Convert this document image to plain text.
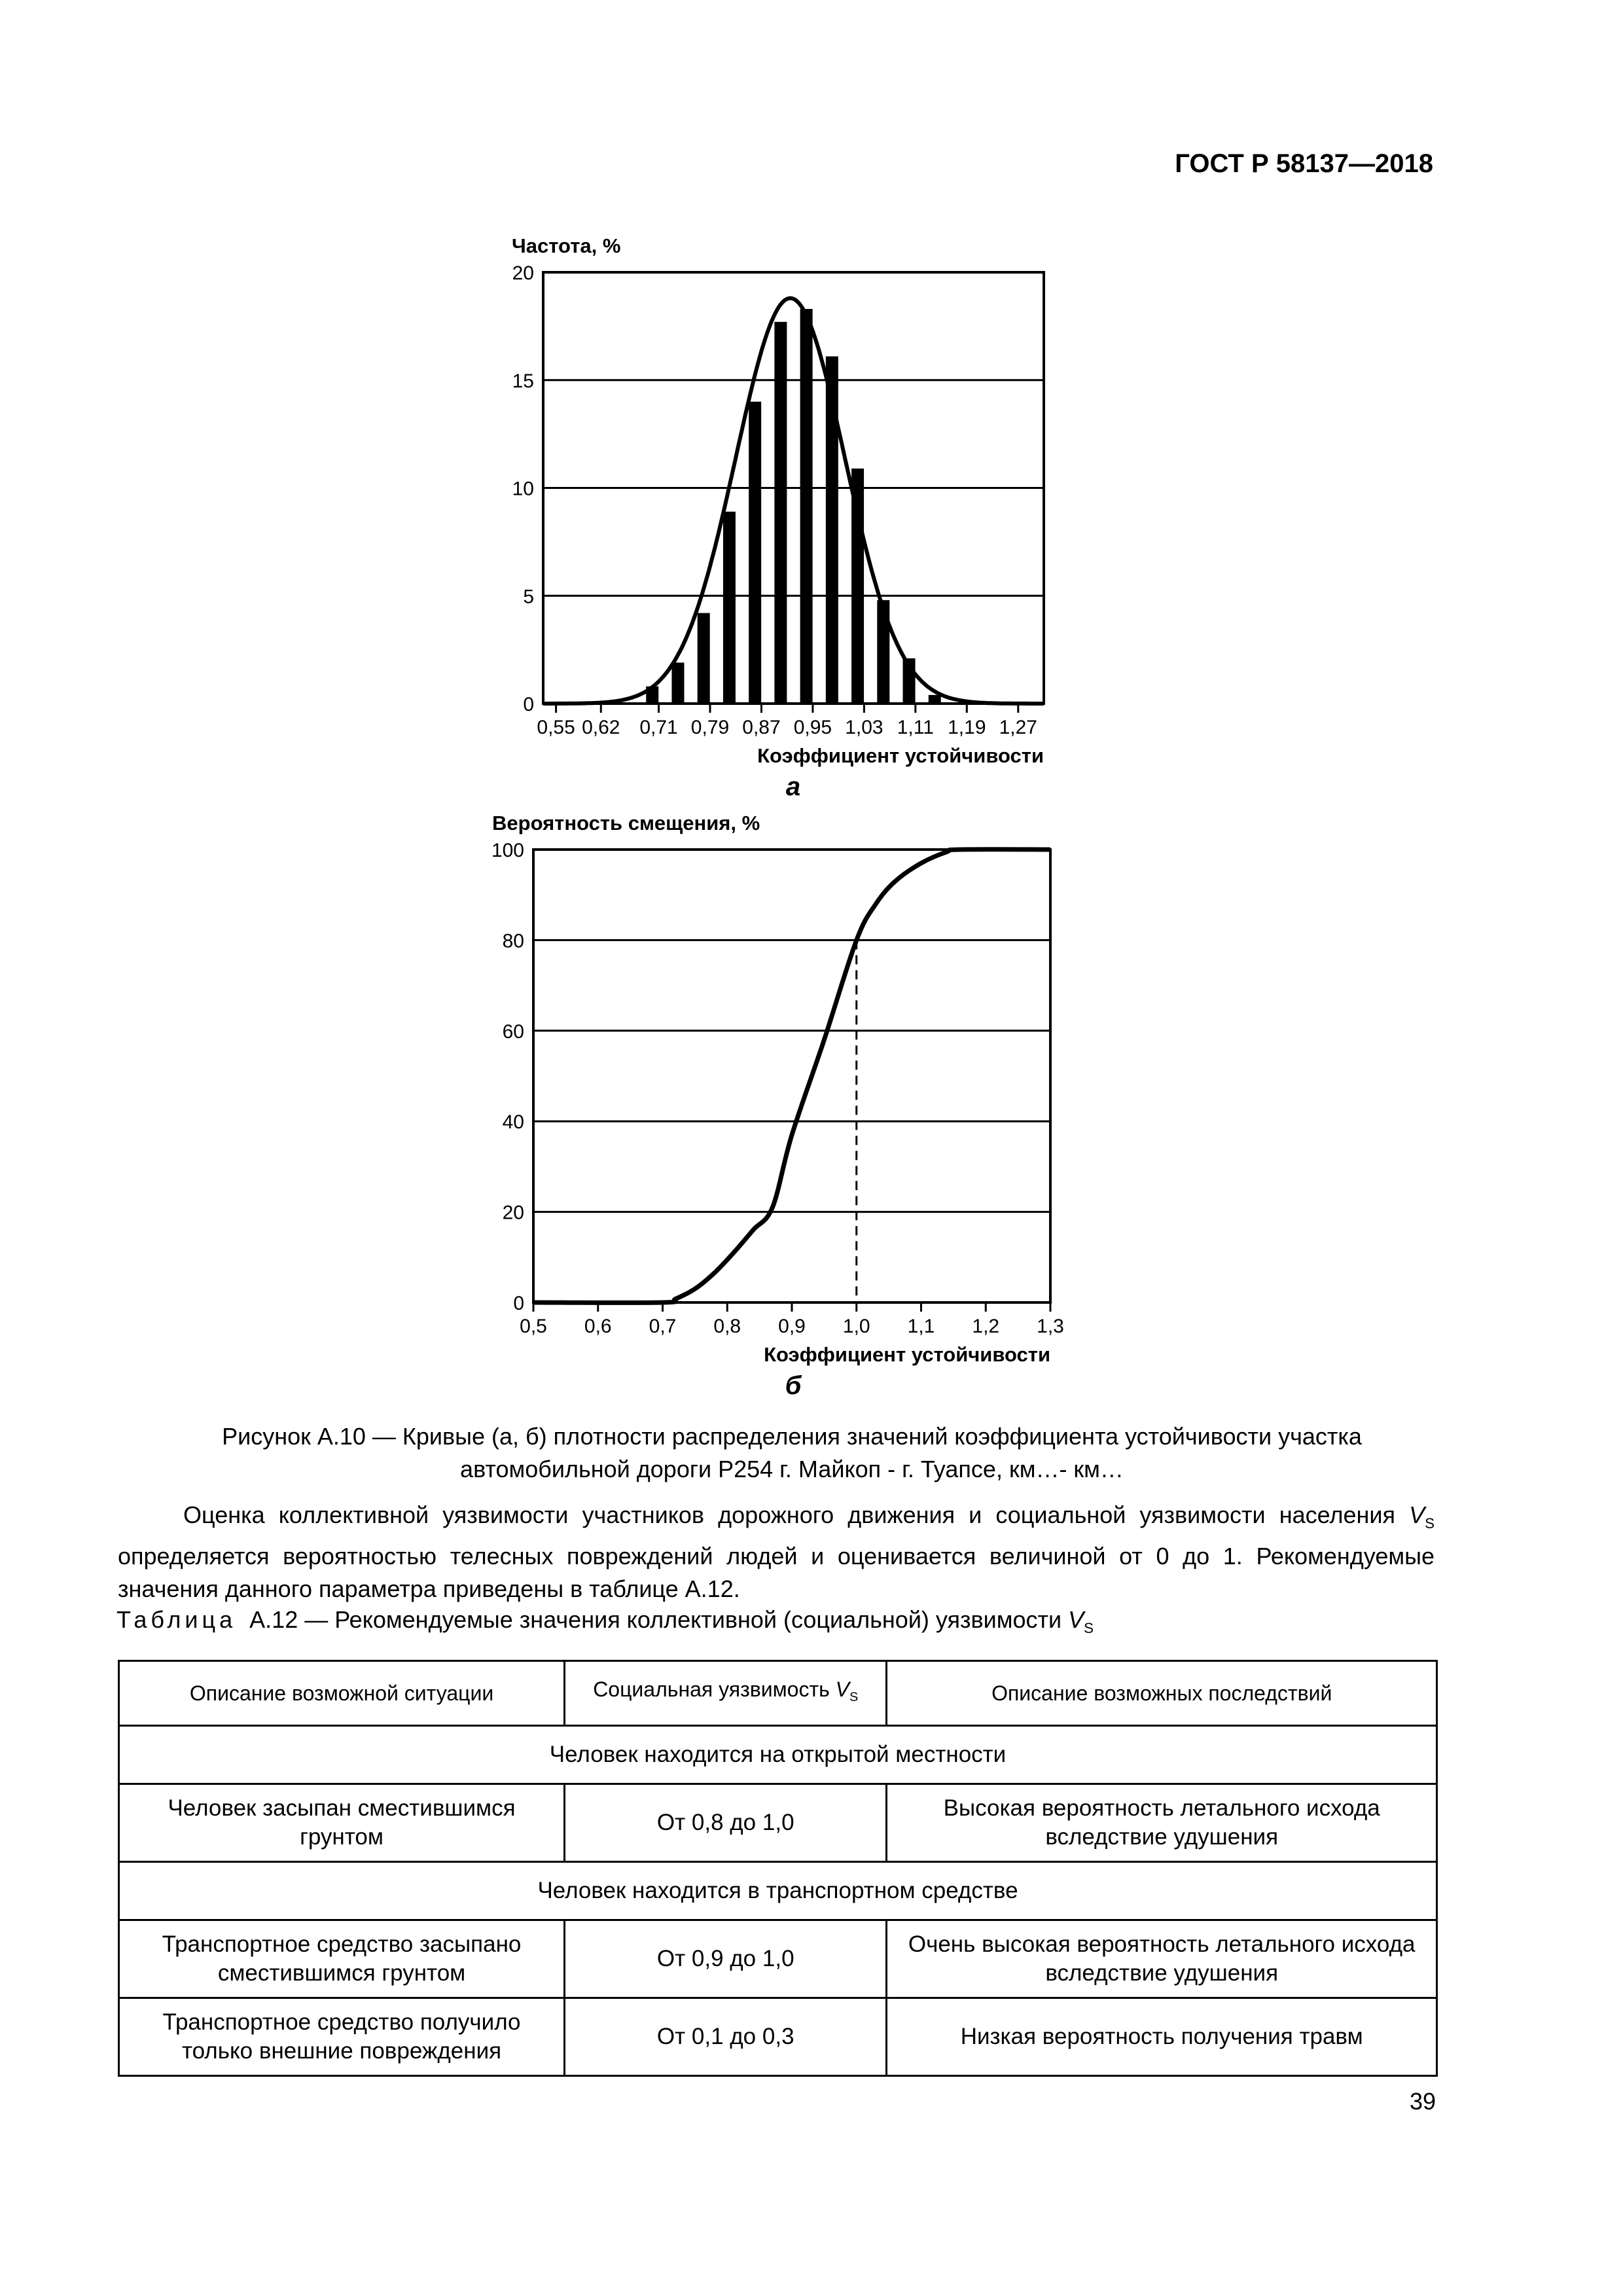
ГОСТ Р 58137—2018
0
5
10
15
20
0,55 0,62 0,71 0,79 0,87 0,95 1,03 1,11 1,19 1,27
Частота, %
Коэффициент устойчивости
а
0
20
40
60
80
100
0,5 0,6 0,7 0,8 0,9 1,0 1,1 1,2 1,3
Вероятность смещения, %
Коэффициент устойчивости
б
Рисунок А.10 — Кривые (а, б) плотности распределения значений коэффициента устойчивости участка
автомобильной дороги Р254 г. Майкоп - г. Туапсе, км…- км…
Оценка коллективной уязвимости участников дорожного движения и социальной уязвимости населения $V_S$ определяется вероятностью телесных повреждений людей и оценивается величиной от 0 до 1. Рекомендуемые значения данного параметра приведены в таблице А.12.
Таблица А.12 — Рекомендуемые значения коллективной (социальной) уязвимости $V_S$
Описание возможной ситуации	Социальная уязвимость $V_S$	Описание возможных последствий
Человек находится на открытой местности		
Человек засыпан сместившимся грунтом	От 0,8 до 1,0	Высокая вероятность летального исхода вследствие удушения
Человек находится в транспортном средстве		
Транспортное средство засыпано сместившимся грунтом	От 0,9 до 1,0	Очень высокая вероятность летального исхода вследствие удушения
Транспортное средство получило только внешние повреждения	От 0,1 до 0,3	Низкая вероятность получения травм
39
